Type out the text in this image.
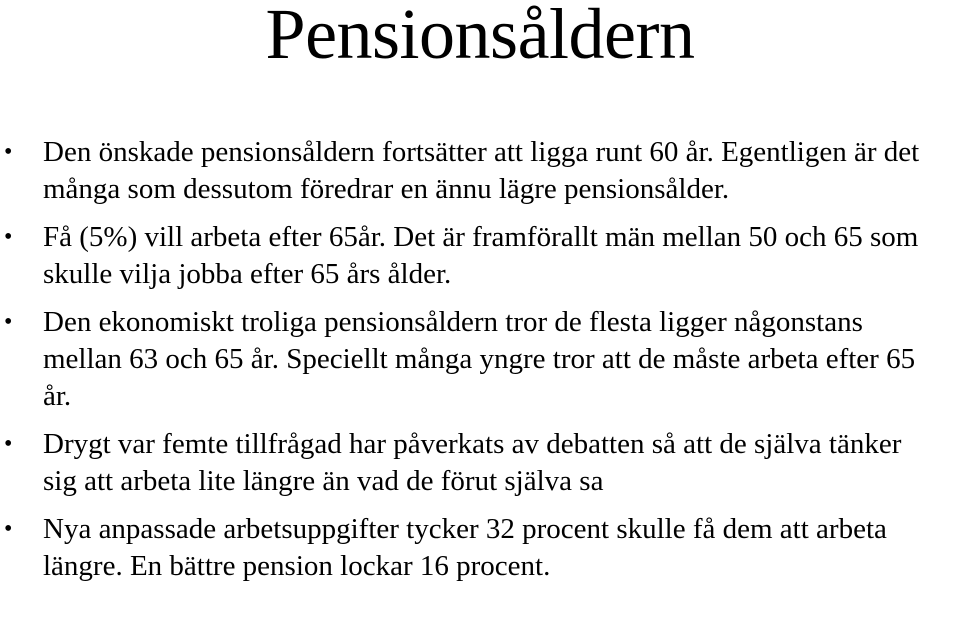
Pensionsåldern
• Den önskade pensionsåldern fortsätter att ligga runt 60 år. Egentligen är det många som dessutom föredrar en ännu lägre pensionsålder.
• Få (5%) vill arbeta efter 65år. Det är framförallt män mellan 50 och 65 som skulle vilja jobba efter 65 års ålder.
• Den ekonomiskt troliga pensionsåldern tror de flesta ligger någonstans mellan 63 och 65 år. Speciellt många yngre tror att de måste arbeta efter 65 år.
• Drygt var femte tillfrågad har påverkats av debatten så att de själva tänker sig att arbeta lite längre än vad de förut själva sa
• Nya anpassade arbetsuppgifter tycker 32 procent skulle få dem att arbeta längre. En bättre pension lockar 16 procent.
